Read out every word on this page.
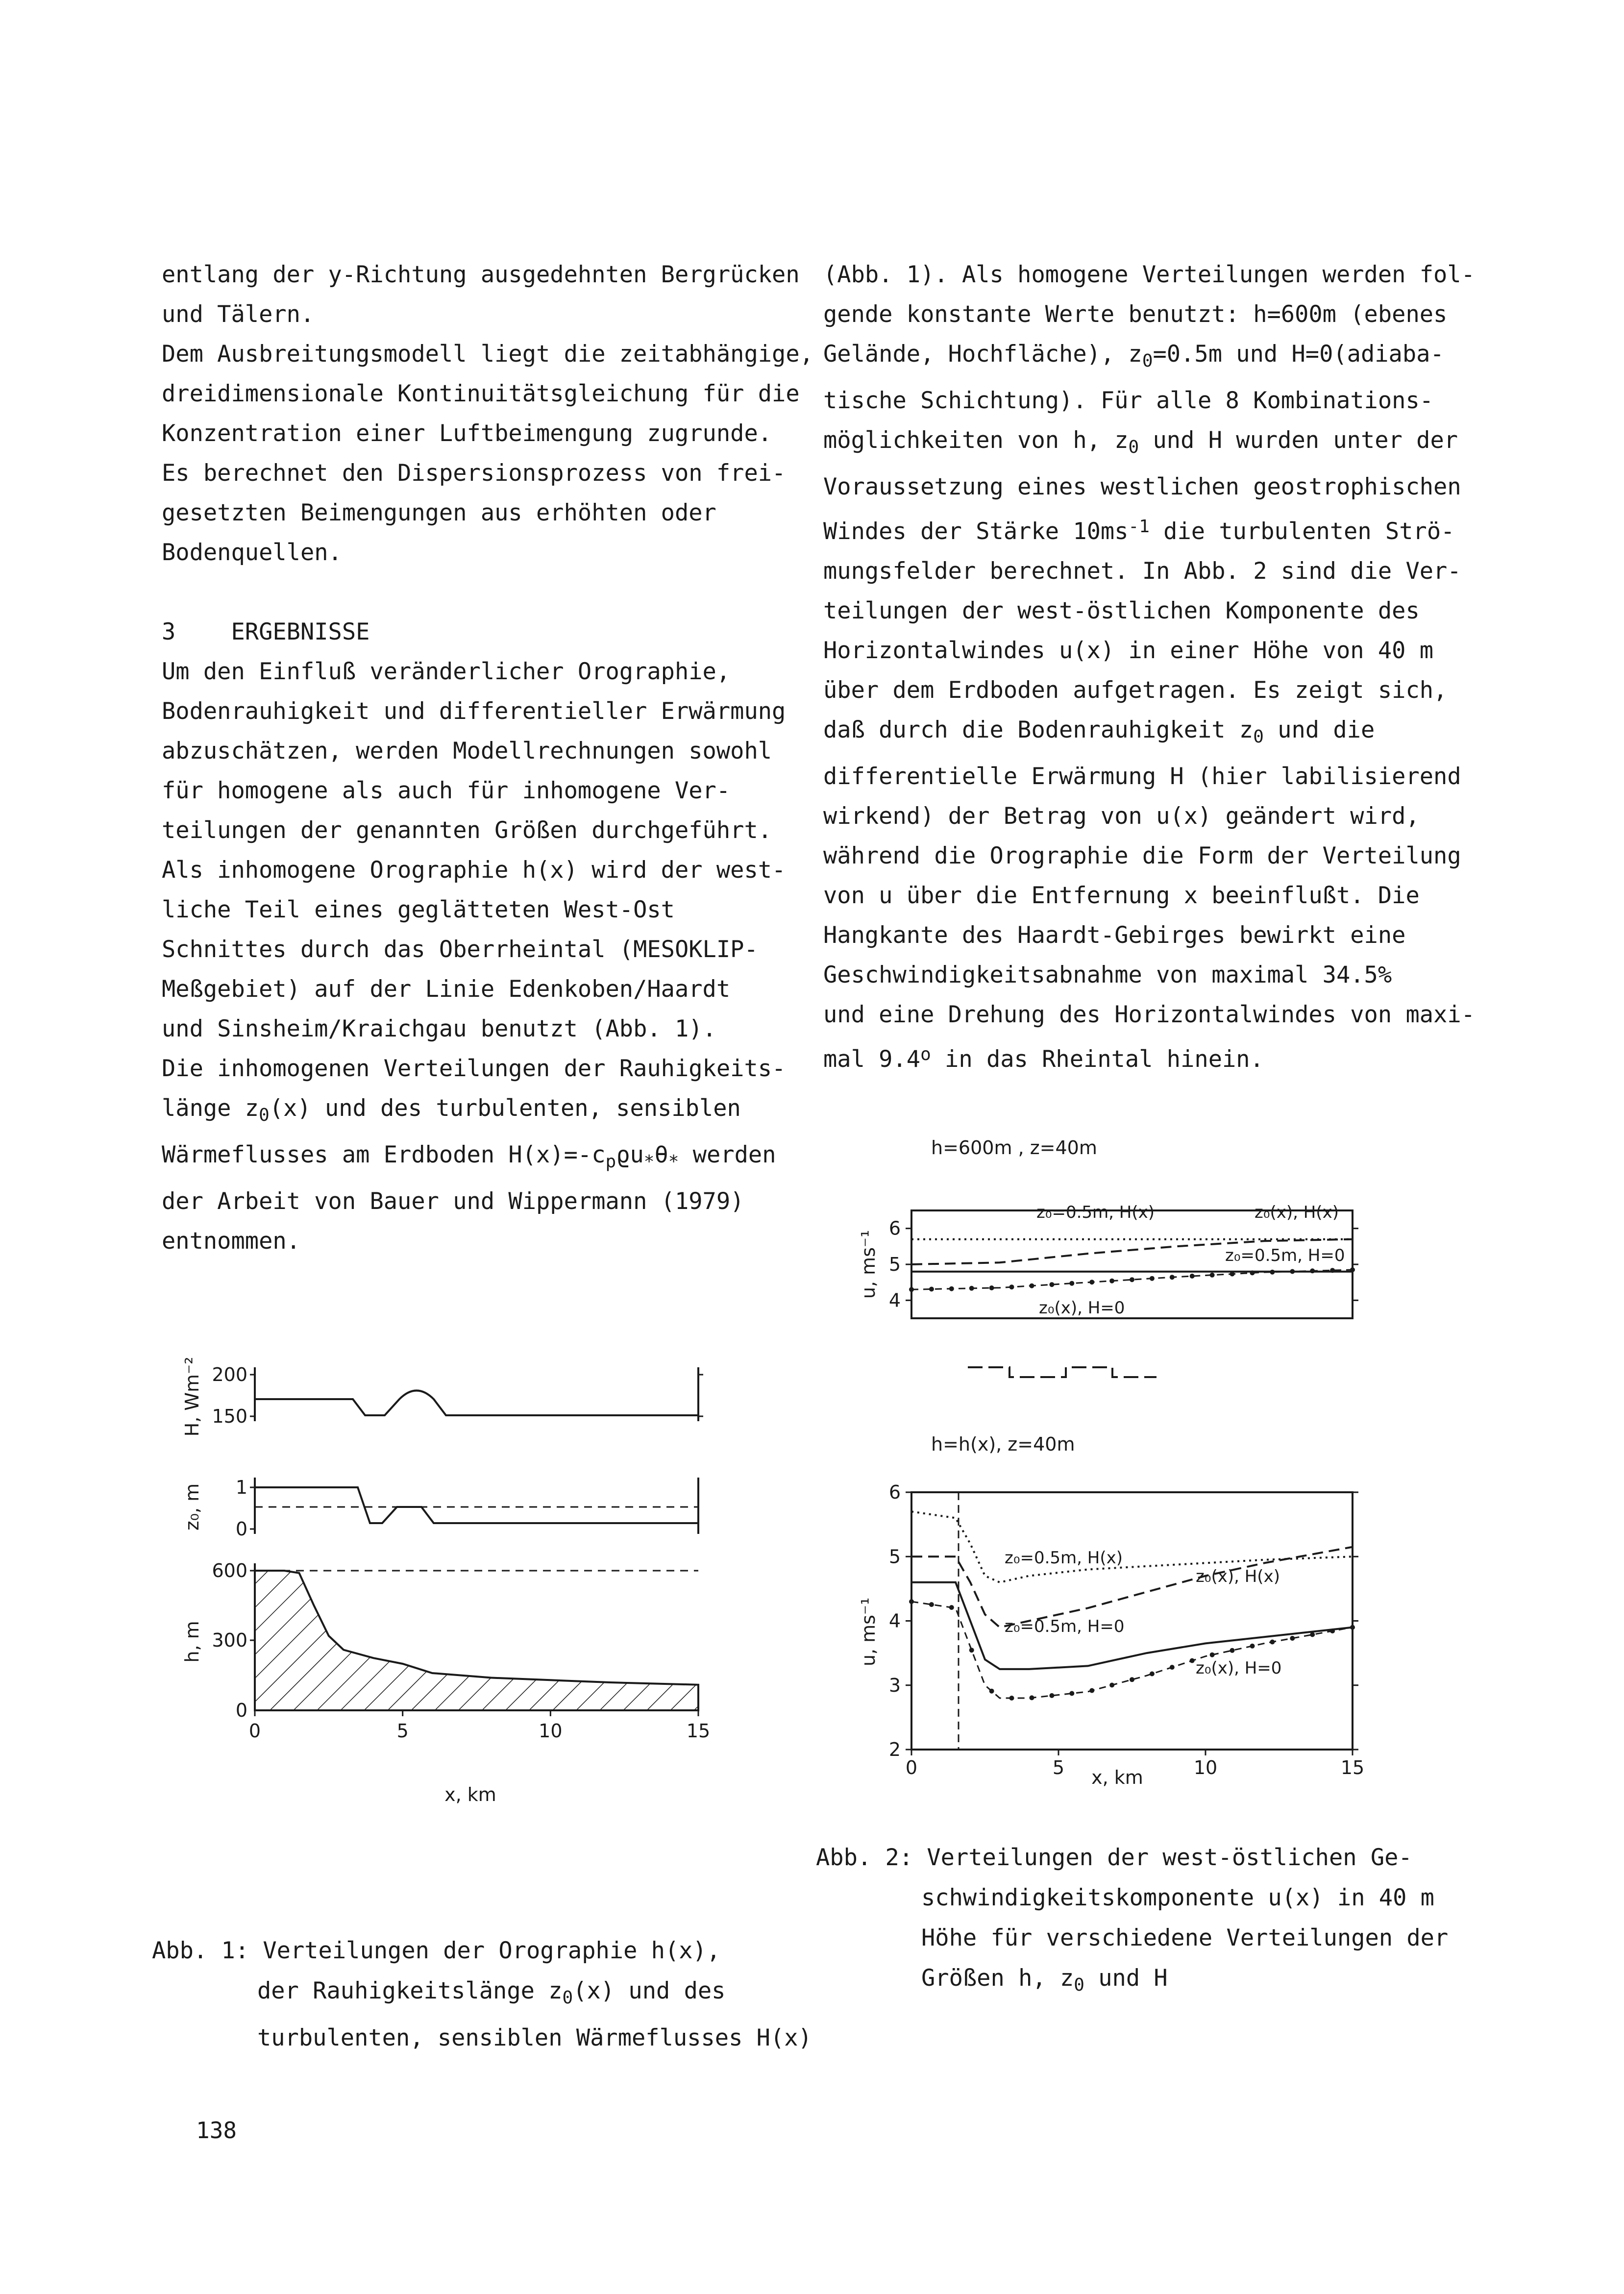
entlang der y-Richtung ausgedehnten Bergrücken

und Tälern.

Dem Ausbreitungsmodell liegt die zeitabhängige,

dreidimensionale Kontinuitätsgleichung für die

Konzentration einer Luftbeimengung zugrunde.

Es berechnet den Dispersionsprozess von frei-

gesetzten Beimengungen aus erhöhten oder

Bodenquellen.

3 ERGEBNISSE

Um den Einfluß veränderlicher Orographie,

Bodenrauhigkeit und differentieller Erwärmung

abzuschätzen, werden Modellrechnungen sowohl

für homogene als auch für inhomogene Ver-

teilungen der genannten Größen durchgeführt.

Als inhomogene Orographie h(x) wird der west-

liche Teil eines geglätteten West-Ost

Schnittes durch das Oberrheintal (MESOKLIP-

Meßgebiet) auf der Linie Edenkoben/Haardt

und Sinsheim/Kraichgau benutzt (Abb. 1).

Die inhomogenen Verteilungen der Rauhigkeits-

länge $z_0(x)$ und des turbulenten, sensiblen

Wärmeflusses am Erdboden $H(x)=-c_pϱu_*\theta_*$ werden

der Arbeit von Bauer und Wippermann (1979)

entnommen.

(Abb. 1). Als homogene Verteilungen werden fol-

gende konstante Werte benutzt: h=600m (ebenes

Gelände, Hochfläche), $z_0=0.5m$ und H=0(adiaba-

tische Schichtung). Für alle 8 Kombinations-

möglichkeiten von h, $z_0$ und H wurden unter der

Voraussetzung eines westlichen geostrophischen

Windes der Stärke $10ms^{-1}$ die turbulenten Strö-

mungsfelder berechnet. In Abb. 2 sind die Ver-

teilungen der west-östlichen Komponente des

Horizontalwindes u(x) in einer Höhe von 40 m

über dem Erdboden aufgetragen. Es zeigt sich,

daß durch die Bodenrauhigkeit $z_0$ und die

differentielle Erwärmung H (hier labilisierend

wirkend) der Betrag von u(x) geändert wird,

während die Orographie die Form der Verteilung

von u über die Entfernung x beeinflußt. Die

Hangkante des Haardt-Gebirges bewirkt eine

Geschwindigkeitsabnahme von maximal 34.5%

und eine Drehung des Horizontalwindes von maxi-

mal 9.4$^o$ in das Rheintal hinein.

200
150
H, Wm⁻²
1
0
z₀, m
600
300
0
h, m
0	5	10	15
x, km
h=600m , z=40m
6
5
4
u, ms⁻¹
z₀=0.5m, H(x)	z₀(x), H(x)
z₀=0.5m, H=0
z₀(x), H=0
h=h(x), z=40m
6
5
4
3
2
0	5	10	15
u, ms⁻¹
z₀=0.5m, H(x)
z₀(x), H(x)
z₀=0.5m, H=0
z₀(x), H=0
x, km
Abb. 1: Verteilungen der Orographie h(x),
der Rauhigkeitslänge $z_0(x)$ und des
turbulenten, sensiblen Wärmeflusses H(x)
Abb. 2: Verteilungen der west-östlichen Ge-
schwindigkeitskomponente u(x) in 40 m
Höhe für verschiedene Verteilungen der
Größen h, $z_0$ und H
138
